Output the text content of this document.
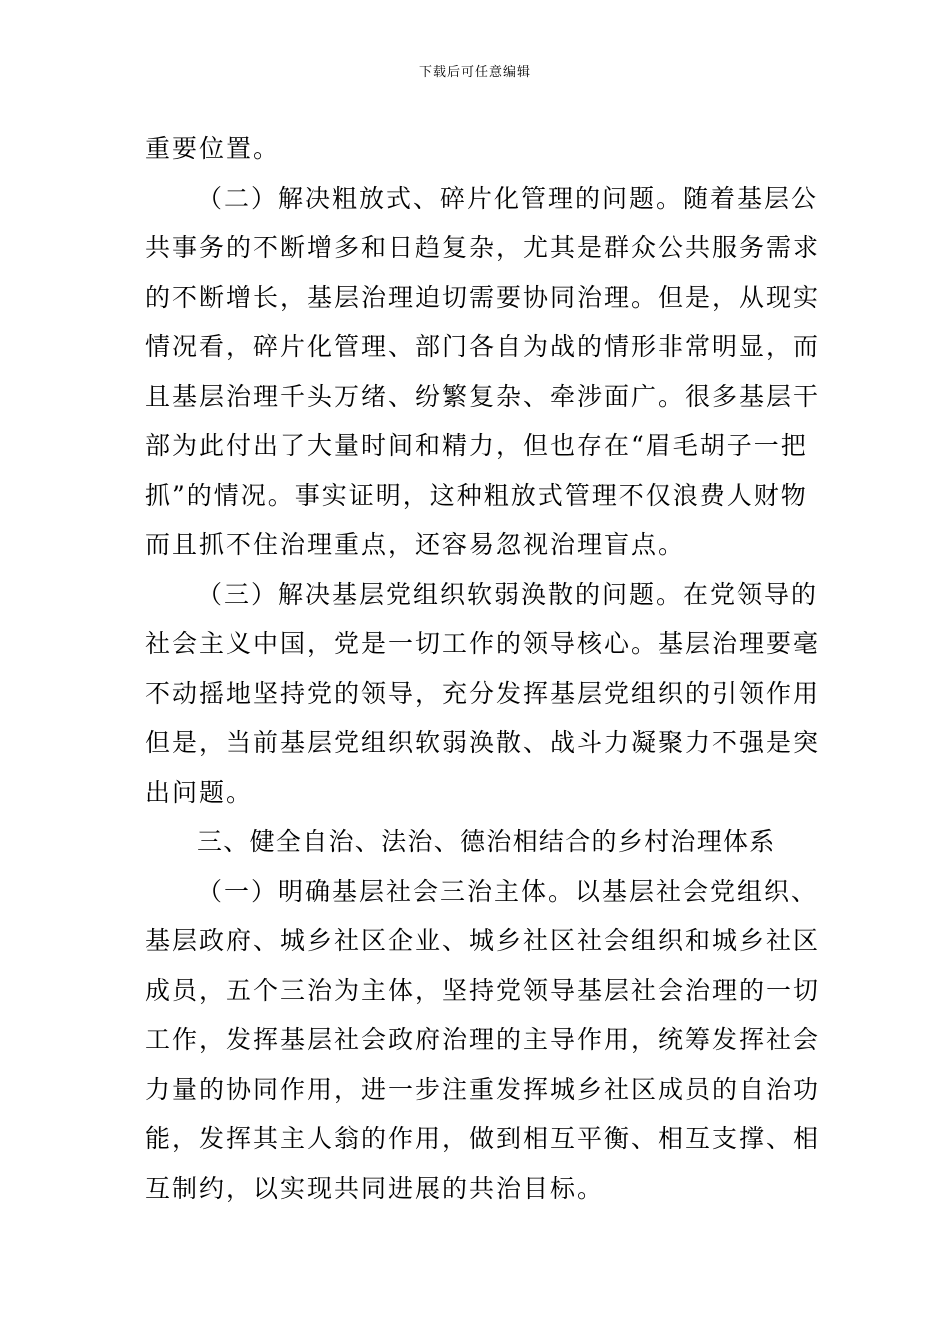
下载后可任意编辑
重要位置。
（二）解决粗放式、碎片化管理的问题。随着基层公
共事务的不断增多和日趋复杂，尤其是群众公共服务需求
的不断增长，基层治理迫切需要协同治理。但是，从现实
情况看，碎片化管理、部门各自为战的情形非常明显，而
且基层治理千头万绪、纷繁复杂、牵涉面广。很多基层干
部为此付出了大量时间和精力，但也存在“眉毛胡子一把
抓”的情况。事实证明，这种粗放式管理不仅浪费人财物
而且抓不住治理重点，还容易忽视治理盲点。
（三）解决基层党组织软弱涣散的问题。在党领导的
社会主义中国，党是一切工作的领导核心。基层治理要毫
不动摇地坚持党的领导，充分发挥基层党组织的引领作用
但是，当前基层党组织软弱涣散、战斗力凝聚力不强是突
出问题。
三、健全自治、法治、德治相结合的乡村治理体系
（一）明确基层社会三治主体。以基层社会党组织、
基层政府、城乡社区企业、城乡社区社会组织和城乡社区
成员，五个三治为主体，坚持党领导基层社会治理的一切
工作，发挥基层社会政府治理的主导作用，统筹发挥社会
力量的协同作用，进一步注重发挥城乡社区成员的自治功
能，发挥其主人翁的作用，做到相互平衡、相互支撑、相
互制约，以实现共同进展的共治目标。
